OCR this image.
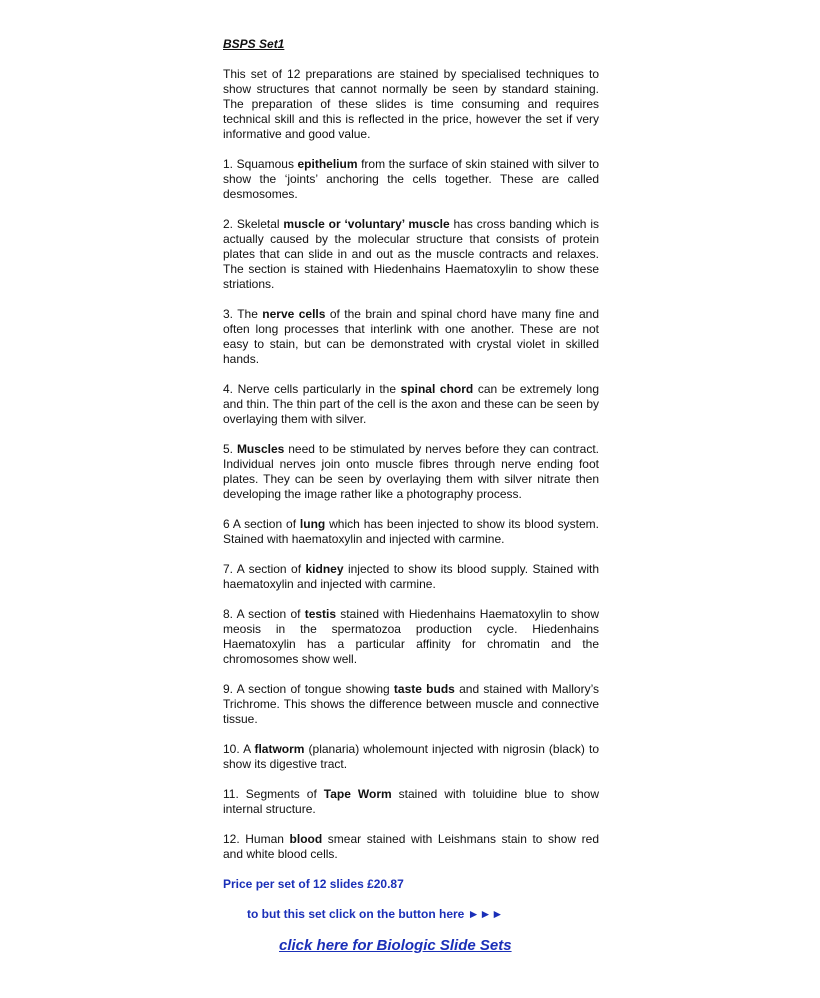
BSPS Set1

This set of 12 preparations are stained by specialised techniques to show structures that cannot normally be seen by standard staining. The preparation of these slides is time consuming and requires technical skill and this is reflected in the price, however the set if very informative and good value.

1. Squamous epithelium from the surface of skin stained with silver to show the ‘joints’ anchoring the cells together. These are called desmosomes.

2. Skeletal muscle or ‘voluntary’ muscle has cross banding which is actually caused by the molecular structure that consists of protein plates that can slide in and out as the muscle contracts and relaxes. The section is stained with Hiedenhains Haematoxylin to show these striations.

3. The nerve cells of the brain and spinal chord have many fine and often long processes that interlink with one another. These are not easy to stain, but can be demonstrated with crystal violet in skilled hands.

4. Nerve cells particularly in the spinal chord can be extremely long and thin. The thin part of the cell is the axon and these can be seen by overlaying them with silver.

5. Muscles need to be stimulated by nerves before they can contract. Individual nerves join onto muscle fibres through nerve ending foot plates. They can be seen by overlaying them with silver nitrate then developing the image rather like a photography process.

6 A section of lung which has been injected to show its blood system. Stained with haematoxylin and injected with carmine.

7. A section of kidney injected to show its blood supply. Stained with haematoxylin and injected with carmine.

8. A section of testis stained with Hiedenhains Haematoxylin to show meosis in the spermatozoa production cycle. Hiedenhains Haematoxylin has a particular affinity for chromatin and the chromosomes show well.

9. A section of tongue showing taste buds and stained with Mallory’s Trichrome. This shows the difference between muscle and connective tissue.

10. A flatworm (planaria) wholemount injected with nigrosin (black) to show its digestive tract.

11. Segments of Tape Worm stained with toluidine blue to show internal structure.

12. Human blood smear stained with Leishmans stain to show red and white blood cells.

Price per set of 12 slides £20.87
to but this set click on the button here ►►►
click here for Biologic Slide Sets
